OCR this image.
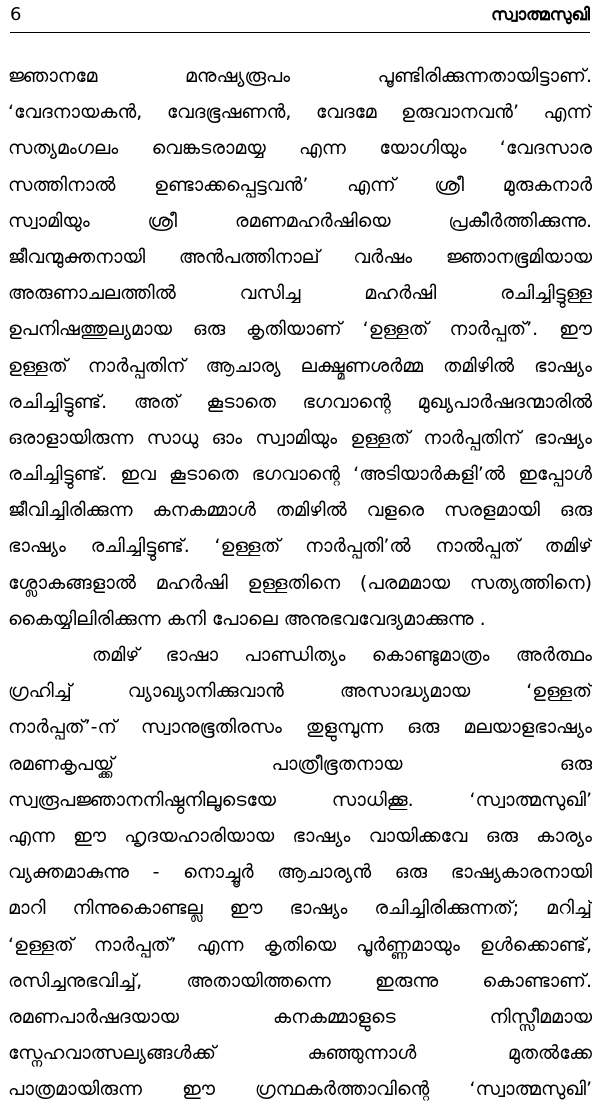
6	സ്വാത്മസുഖി
ജ്ഞാനമേ മനുഷ്യരൂപം പൂണ്ടിരിക്കുന്നതായിട്ടാണ്.
‘വേദനായകൻ, വേദഭൂഷണൻ, വേദമേ ഉരുവാനവൻ’ എന്ന്
സത്യമംഗലം വെങ്കടരാമയ്യ എന്ന യോഗിയും ‘വേദസാര
സത്തിനാൽ ഉണ്ടാക്കപ്പെട്ടവൻ’ എന്ന് ശ്രീ മുരുകനാർ
സ്വാമിയും ശ്രീ രമണമഹർഷിയെ പ്രകീർത്തിക്കുന്നു.
ജീവന്മുക്തനായി അൻപത്തിനാല് വർഷം ജ്ഞാനഭൂമിയായ
അരുണാചലത്തിൽ വസിച്ച മഹർഷി രചിച്ചിട്ടുള്ള
ഉപനിഷത്തുല്യമായ ഒരു കൃതിയാണ് ‘ഉള്ളത് നാർപ്പത്’. ഈ
ഉള്ളത് നാർപ്പതിന് ആചാര്യ ലക്ഷ്മണശർമ്മ തമിഴിൽ ഭാഷ്യം
രചിച്ചിട്ടുണ്ട്. അത് കൂടാതെ ഭഗവാന്റെ മുഖ്യപാർഷദന്മാരിൽ
ഒരാളായിരുന്ന സാധു ഓം സ്വാമിയും ഉള്ളത് നാർപ്പതിന് ഭാഷ്യം
രചിച്ചിട്ടുണ്ട്. ഇവ കൂടാതെ ഭഗവാന്റെ ‘അടിയാർകളി’ൽ ഇപ്പോൾ
ജീവിച്ചിരിക്കുന്ന കനകമ്മാൾ തമിഴിൽ വളരെ സരളമായി ഒരു
ഭാഷ്യം രചിച്ചിട്ടുണ്ട്. ‘ഉള്ളത് നാർപ്പതി’ൽ നാൽപ്പത് തമിഴ്
ശ്ലോകങ്ങളാൽ മഹർഷി ഉള്ളതിനെ (പരമമായ സത്യത്തിനെ)
കൈയ്യിലിരിക്കുന്ന കനി പോലെ അനുഭവവേദ്യമാക്കുന്നു .
തമിഴ് ഭാഷാ പാണ്ഡിത്യം കൊണ്ടുമാത്രം അർത്ഥം
ഗ്രഹിച്ച് വ്യാഖ്യാനിക്കുവാൻ അസാദ്ധ്യമായ ‘ഉള്ളത്
നാർപ്പത്’-ന് സ്വാനുഭൂതിരസം തുളുമ്പുന്ന ഒരു മലയാളഭാഷ്യം
രമണകൃപയ്ക്ക് പാത്രീഭൂതനായ ഒരു
സ്വരൂപജ്ഞാനനിഷ്ഠനിലൂടെയേ സാധിക്കൂ. ‘സ്വാത്മസുഖി’
എന്ന ഈ ഹൃദയഹാരിയായ ഭാഷ്യം വായിക്കവേ ഒരു കാര്യം
വ്യക്തമാകുന്നു - നൊച്ചൂർ ആചാര്യൻ ഒരു ഭാഷ്യകാരനായി
മാറി നിന്നുകൊണ്ടല്ല ഈ ഭാഷ്യം രചിച്ചിരിക്കുന്നത്; മറിച്ച്
‘ഉള്ളത് നാർപ്പത്’ എന്ന കൃതിയെ പൂർണ്ണമായും ഉൾക്കൊണ്ട്,
രസിച്ചനുഭവിച്ച്, അതായിത്തന്നെ ഇരുന്നു കൊണ്ടാണ്.
രമണപാർഷദയായ കനകമ്മാളുടെ നിസ്സീമമായ
സ്നേഹവാത്സല്യങ്ങൾക്ക് കുഞ്ഞുന്നാൾ മുതൽക്കേ
പാത്രമായിരുന്ന ഈ ഗ്രന്ഥകർത്താവിന്റെ ‘സ്വാത്മസുഖി’
